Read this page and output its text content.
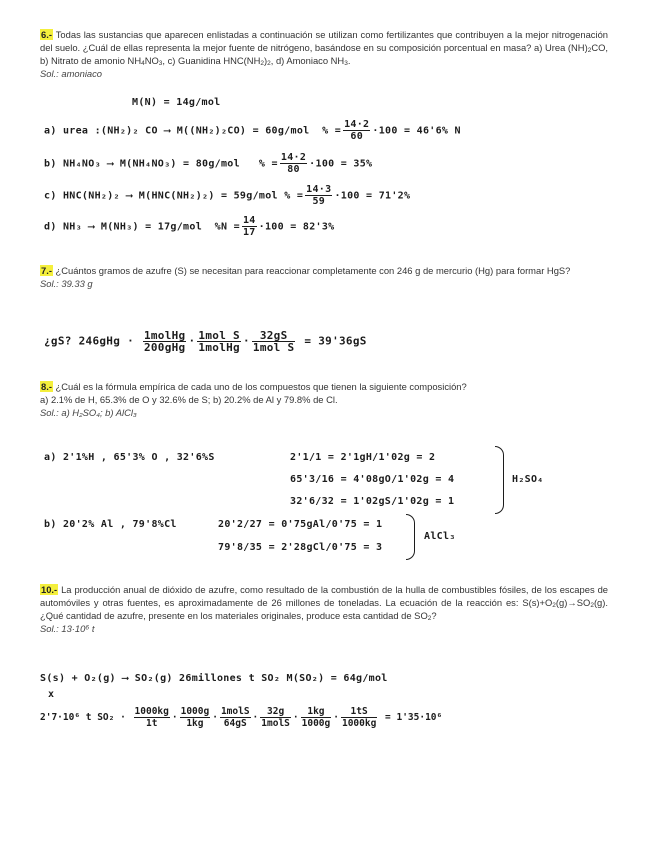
6.- Todas las sustancias que aparecen enlistadas a continuación se utilizan como fertilizantes que contribuyen a la mejor nitrogenación del suelo. ¿Cuál de ellas representa la mejor fuente de nitrógeno, basándose en su composición porcentual en masa? a) Urea $(NH)_2CO$, b) Nitrato de amonio $NH_4NO_3$, c) Guanidina $HNC(NH_2)_2$, d) Amoniaco $NH_3$.
Sol.: amoniaco
M(N) = 14g/mol
a) urea :(NH₂)₂ CO ⟶ M((NH₂)₂CO) = 60g/mol % = $\frac{14\cdot 2}{60} \cdot 100 = 46'6\%$ N
b) NH₄NO₃ ⟶ M(NH₄NO₃) = 80g/mol % = $\frac{14\cdot 2}{80} \cdot 100 = 35\%$
c) HNC(NH₂)₂ ⟶ M(HNC(NH₂)₂) = 59g/mol % = $\frac{14\cdot 3}{59} \cdot 100 = 71'2\%$
d) NH₃ ⟶ M(NH₃) = 17g/mol $\%N = \frac{14}{17} \cdot 100 = 82'3\%$
7.- ¿Cuántos gramos de azufre (S) se necesitan para reaccionar completamente con 246 g de mercurio (Hg) para formar HgS?
Sol.: 39.33 g
¿gS? $246gHg \cdot \frac{\text{1molHg}}{\text{200gHg}} \cdot \frac{\text{1mol S}}{\text{1molHg}} \cdot \frac{32gS}{\text{1mol S}} = 39'36gS$
8.- ¿Cuál es la fórmula empírica de cada uno de los compuestos que tienen la siguiente composición?
a) 2.1% de H, 65.3% de O y 32.6% de S; b) 20.2% de Al y 79.8% de Cl.
Sol.: a) H₂SO₄; b) AlCl₃
a) 2'1%H , 65'3% O , 32'6%S	2'1/1 = 2'1gH/1'02g = 2
65'3/16 = 4'08gO/1'02g = 4
32'6/32 = 1'02gS/1'02g = 1
H₂SO₄
b) 20'2% Al , 79'8%Cl	20'2/27 = 0'75gAl/0'75 = 1
79'8/35 = 2'28gCl/0'75 = 3
AlCl₃
10.- La producción anual de dióxido de azufre, como resultado de la combustión de la hulla de combustibles fósiles, de los escapes de automóviles y otras fuentes, es aproximadamente de 26 millones de toneladas. La ecuación de la reacción es: $S(s)+O_2(g)\to SO_2(g)$. ¿Qué cantidad de azufre, presente en los materiales originales, produce esta cantidad de $SO_2$?
Sol.: 13·10⁶ t
S(s) + O₂(g) ⟶ SO₂(g) 26millones t SO₂ M(SO₂) = 64g/mol
x
2'7·10⁶ t $SO_2 \cdot \frac{1000kg}{1t} \cdot \frac{1000g}{1kg} \cdot \frac{\text{1molS}}{64gS} \cdot \frac{32g}{\text{1molS}} \cdot \frac{1kg}{1000g} \cdot \frac{1tS}{1000kg} = 1'35\cdot 10^6$
